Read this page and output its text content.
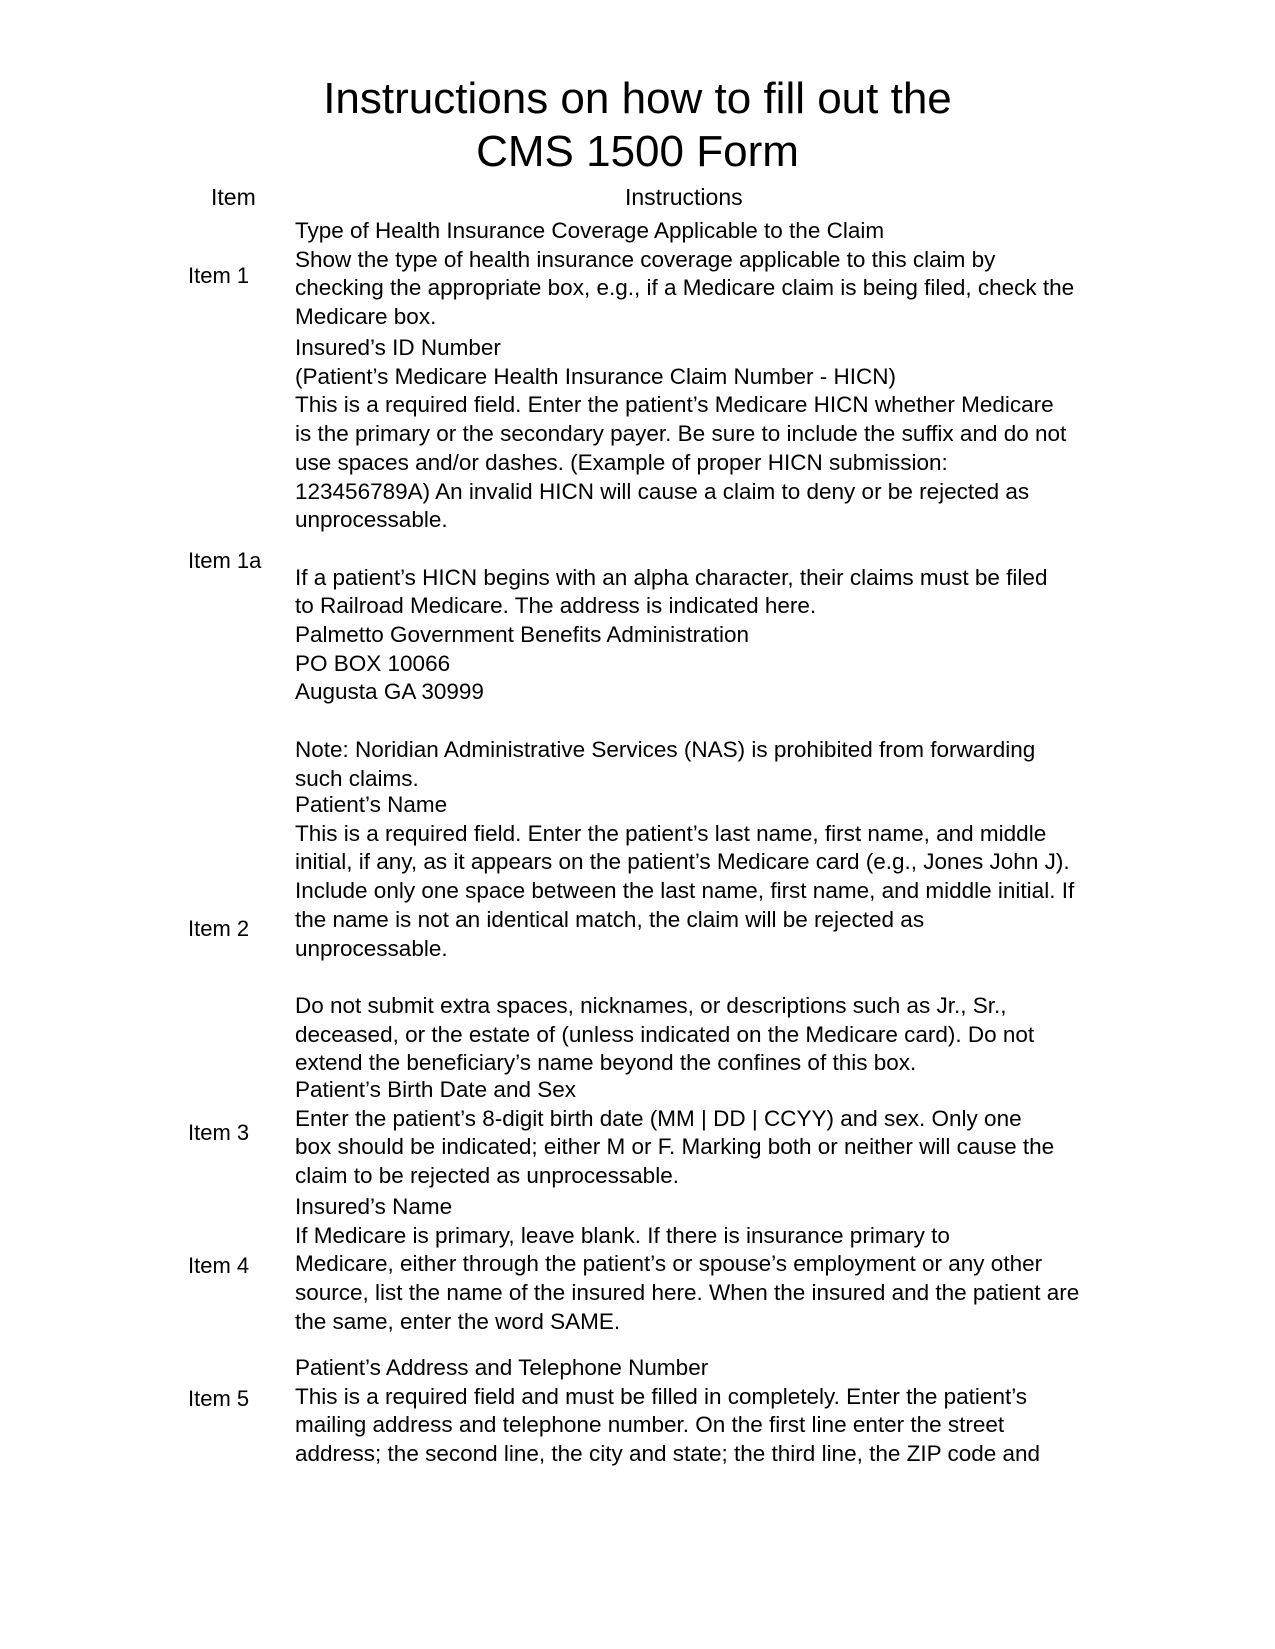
Instructions on how to fill out the
CMS 1500 Form
Item	Instructions
Item 1

Type of Health Insurance Coverage Applicable to the Claim

Show the type of health insurance coverage applicable to this claim by

checking the appropriate box, e.g., if a Medicare claim is being filed, check the

Medicare box.

Item 1a

Insured’s ID Number

(Patient’s Medicare Health Insurance Claim Number - HICN)

This is a required field. Enter the patient’s Medicare HICN whether Medicare

is the primary or the secondary payer. Be sure to include the suffix and do not

use spaces and/or dashes. (Example of proper HICN submission:

123456789A) An invalid HICN will cause a claim to deny or be rejected as

unprocessable.

If a patient’s HICN begins with an alpha character, their claims must be filed

to Railroad Medicare. The address is indicated here.

Palmetto Government Benefits Administration

PO BOX 10066

Augusta GA 30999

Note: Noridian Administrative Services (NAS) is prohibited from forwarding

such claims.

Item 2

Patient’s Name

This is a required field. Enter the patient’s last name, first name, and middle

initial, if any, as it appears on the patient’s Medicare card (e.g., Jones John J).

Include only one space between the last name, first name, and middle initial. If

the name is not an identical match, the claim will be rejected as

unprocessable.

Do not submit extra spaces, nicknames, or descriptions such as Jr., Sr.,

deceased, or the estate of (unless indicated on the Medicare card). Do not

extend the beneficiary’s name beyond the confines of this box.

Item 3

Patient’s Birth Date and Sex

Enter the patient’s 8-digit birth date (MM | DD | CCYY) and sex. Only one

box should be indicated; either M or F. Marking both or neither will cause the

claim to be rejected as unprocessable.

Item 4

Insured’s Name

If Medicare is primary, leave blank. If there is insurance primary to

Medicare, either through the patient’s or spouse’s employment or any other

source, list the name of the insured here. When the insured and the patient are

the same, enter the word SAME.

Item 5

Patient’s Address and Telephone Number

This is a required field and must be filled in completely. Enter the patient’s

mailing address and telephone number. On the first line enter the street

address; the second line, the city and state; the third line, the ZIP code and
